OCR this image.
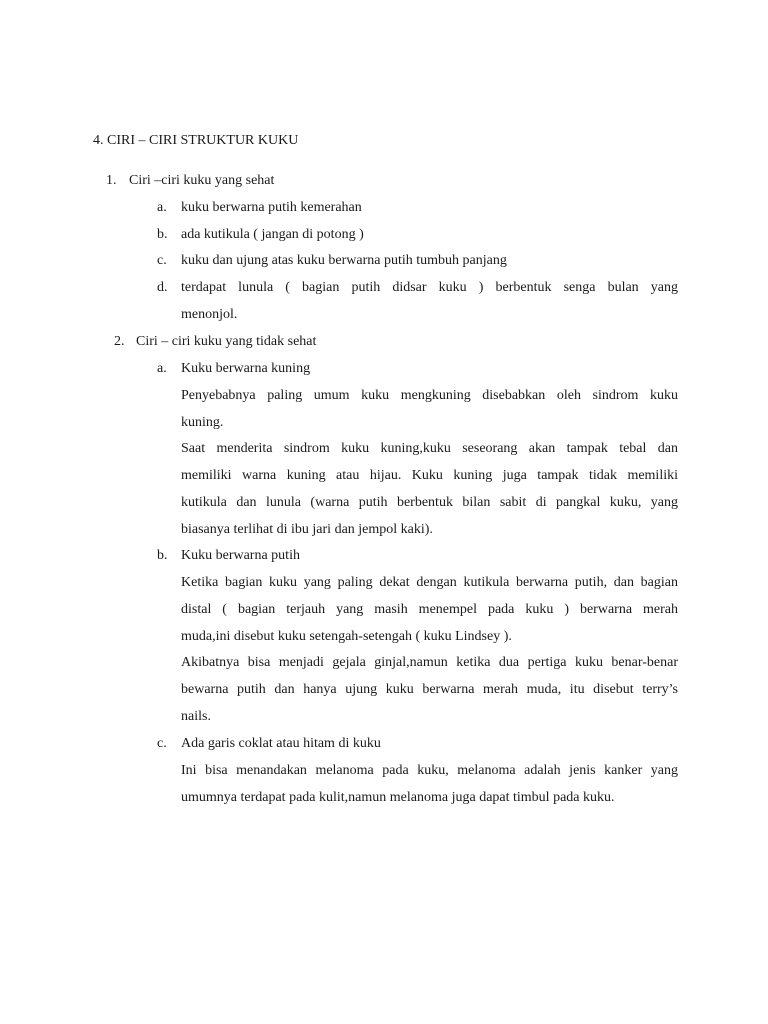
4. CIRI – CIRI STRUKTUR KUKU
1. Ciri –ciri kuku yang sehat
a. kuku berwarna putih kemerahan
b. ada kutikula ( jangan di potong )
c. kuku dan ujung atas kuku berwarna putih tumbuh panjang
d. terdapat lunula ( bagian putih didsar kuku ) berbentuk senga bulan yang
menonjol.
2. Ciri – ciri kuku yang tidak sehat
a. Kuku berwarna kuning
Penyebabnya paling umum kuku mengkuning disebabkan oleh sindrom kuku
kuning.
Saat menderita sindrom kuku kuning,kuku seseorang akan tampak tebal dan
memiliki warna kuning atau hijau. Kuku kuning juga tampak tidak memiliki
kutikula dan lunula (warna putih berbentuk bilan sabit di pangkal kuku, yang
biasanya terlihat di ibu jari dan jempol kaki).
b. Kuku berwarna putih
Ketika bagian kuku yang paling dekat dengan kutikula berwarna putih, dan bagian
distal ( bagian terjauh yang masih menempel pada kuku ) berwarna merah
muda,ini disebut kuku setengah-setengah ( kuku Lindsey ).
Akibatnya bisa menjadi gejala ginjal,namun ketika dua pertiga kuku benar-benar
bewarna putih dan hanya ujung kuku berwarna merah muda, itu disebut terry’s
nails.
c. Ada garis coklat atau hitam di kuku
Ini bisa menandakan melanoma pada kuku, melanoma adalah jenis kanker yang
umumnya terdapat pada kulit,namun melanoma juga dapat timbul pada kuku.
